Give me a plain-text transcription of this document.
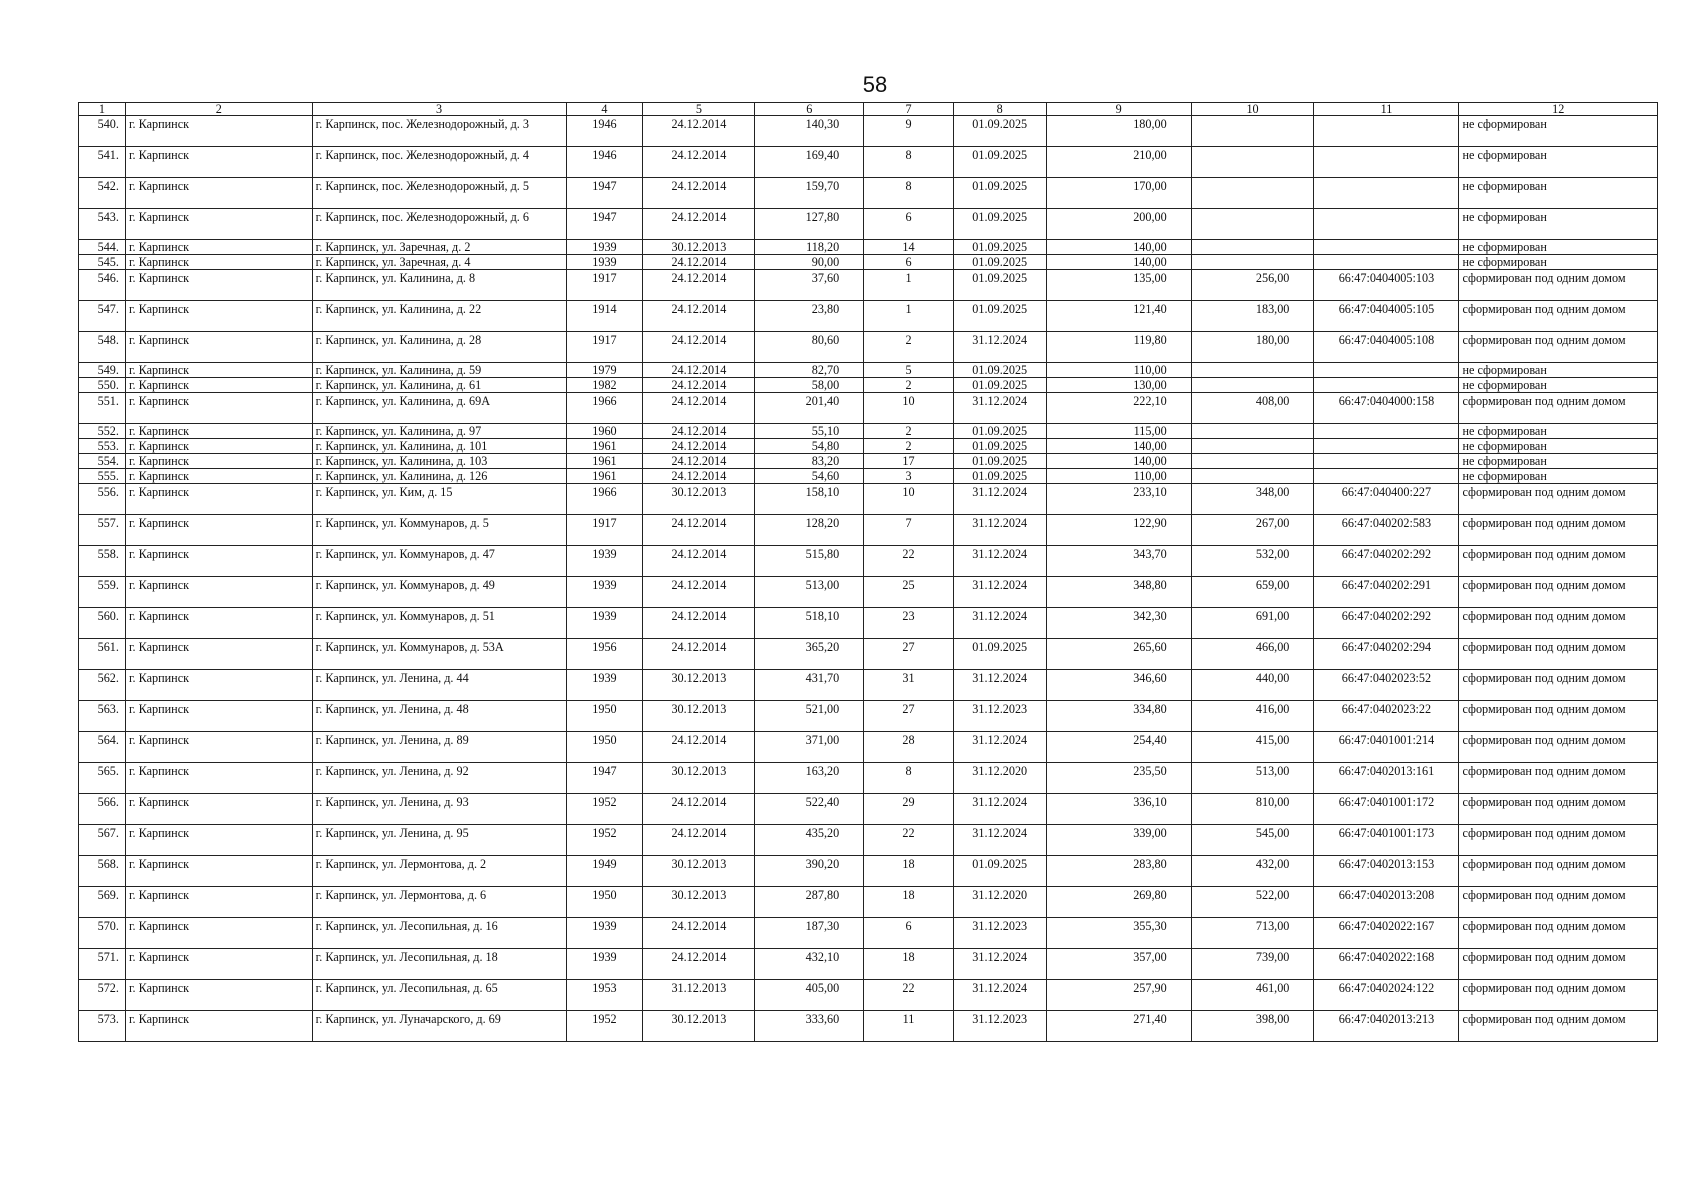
58
1	2	3	4	5	6	7	8	9	10	11	12
540.	г. Карпинск	г. Карпинск, пос. Железнодорожный, д. 3	1946	24.12.2014	140,30	9	01.09.2025	180,00			не сформирован
541.	г. Карпинск	г. Карпинск, пос. Железнодорожный, д. 4	1946	24.12.2014	169,40	8	01.09.2025	210,00			не сформирован
542.	г. Карпинск	г. Карпинск, пос. Железнодорожный, д. 5	1947	24.12.2014	159,70	8	01.09.2025	170,00			не сформирован
543.	г. Карпинск	г. Карпинск, пос. Железнодорожный, д. 6	1947	24.12.2014	127,80	6	01.09.2025	200,00			не сформирован
544.	г. Карпинск	г. Карпинск, ул. Заречная, д. 2	1939	30.12.2013	118,20	14	01.09.2025	140,00			не сформирован
545.	г. Карпинск	г. Карпинск, ул. Заречная, д. 4	1939	24.12.2014	90,00	6	01.09.2025	140,00			не сформирован
546.	г. Карпинск	г. Карпинск, ул. Калинина, д. 8	1917	24.12.2014	37,60	1	01.09.2025	135,00	256,00	66:47:0404005:103	сформирован под одним домом
547.	г. Карпинск	г. Карпинск, ул. Калинина, д. 22	1914	24.12.2014	23,80	1	01.09.2025	121,40	183,00	66:47:0404005:105	сформирован под одним домом
548.	г. Карпинск	г. Карпинск, ул. Калинина, д. 28	1917	24.12.2014	80,60	2	31.12.2024	119,80	180,00	66:47:0404005:108	сформирован под одним домом
549.	г. Карпинск	г. Карпинск, ул. Калинина, д. 59	1979	24.12.2014	82,70	5	01.09.2025	110,00			не сформирован
550.	г. Карпинск	г. Карпинск, ул. Калинина, д. 61	1982	24.12.2014	58,00	2	01.09.2025	130,00			не сформирован
551.	г. Карпинск	г. Карпинск, ул. Калинина, д. 69А	1966	24.12.2014	201,40	10	31.12.2024	222,10	408,00	66:47:0404000:158	сформирован под одним домом
552.	г. Карпинск	г. Карпинск, ул. Калинина, д. 97	1960	24.12.2014	55,10	2	01.09.2025	115,00			не сформирован
553.	г. Карпинск	г. Карпинск, ул. Калинина, д. 101	1961	24.12.2014	54,80	2	01.09.2025	140,00			не сформирован
554.	г. Карпинск	г. Карпинск, ул. Калинина, д. 103	1961	24.12.2014	83,20	17	01.09.2025	140,00			не сформирован
555.	г. Карпинск	г. Карпинск, ул. Калинина, д. 126	1961	24.12.2014	54,60	3	01.09.2025	110,00			не сформирован
556.	г. Карпинск	г. Карпинск, ул. Ким, д. 15	1966	30.12.2013	158,10	10	31.12.2024	233,10	348,00	66:47:040400:227	сформирован под одним домом
557.	г. Карпинск	г. Карпинск, ул. Коммунаров, д. 5	1917	24.12.2014	128,20	7	31.12.2024	122,90	267,00	66:47:040202:583	сформирован под одним домом
558.	г. Карпинск	г. Карпинск, ул. Коммунаров, д. 47	1939	24.12.2014	515,80	22	31.12.2024	343,70	532,00	66:47:040202:292	сформирован под одним домом
559.	г. Карпинск	г. Карпинск, ул. Коммунаров, д. 49	1939	24.12.2014	513,00	25	31.12.2024	348,80	659,00	66:47:040202:291	сформирован под одним домом
560.	г. Карпинск	г. Карпинск, ул. Коммунаров, д. 51	1939	24.12.2014	518,10	23	31.12.2024	342,30	691,00	66:47:040202:292	сформирован под одним домом
561.	г. Карпинск	г. Карпинск, ул. Коммунаров, д. 53А	1956	24.12.2014	365,20	27	01.09.2025	265,60	466,00	66:47:040202:294	сформирован под одним домом
562.	г. Карпинск	г. Карпинск, ул. Ленина, д. 44	1939	30.12.2013	431,70	31	31.12.2024	346,60	440,00	66:47:0402023:52	сформирован под одним домом
563.	г. Карпинск	г. Карпинск, ул. Ленина, д. 48	1950	30.12.2013	521,00	27	31.12.2023	334,80	416,00	66:47:0402023:22	сформирован под одним домом
564.	г. Карпинск	г. Карпинск, ул. Ленина, д. 89	1950	24.12.2014	371,00	28	31.12.2024	254,40	415,00	66:47:0401001:214	сформирован под одним домом
565.	г. Карпинск	г. Карпинск, ул. Ленина, д. 92	1947	30.12.2013	163,20	8	31.12.2020	235,50	513,00	66:47:0402013:161	сформирован под одним домом
566.	г. Карпинск	г. Карпинск, ул. Ленина, д. 93	1952	24.12.2014	522,40	29	31.12.2024	336,10	810,00	66:47:0401001:172	сформирован под одним домом
567.	г. Карпинск	г. Карпинск, ул. Ленина, д. 95	1952	24.12.2014	435,20	22	31.12.2024	339,00	545,00	66:47:0401001:173	сформирован под одним домом
568.	г. Карпинск	г. Карпинск, ул. Лермонтова, д. 2	1949	30.12.2013	390,20	18	01.09.2025	283,80	432,00	66:47:0402013:153	сформирован под одним домом
569.	г. Карпинск	г. Карпинск, ул. Лермонтова, д. 6	1950	30.12.2013	287,80	18	31.12.2020	269,80	522,00	66:47:0402013:208	сформирован под одним домом
570.	г. Карпинск	г. Карпинск, ул. Лесопильная, д. 16	1939	24.12.2014	187,30	6	31.12.2023	355,30	713,00	66:47:0402022:167	сформирован под одним домом
571.	г. Карпинск	г. Карпинск, ул. Лесопильная, д. 18	1939	24.12.2014	432,10	18	31.12.2024	357,00	739,00	66:47:0402022:168	сформирован под одним домом
572.	г. Карпинск	г. Карпинск, ул. Лесопильная, д. 65	1953	31.12.2013	405,00	22	31.12.2024	257,90	461,00	66:47:0402024:122	сформирован под одним домом
573.	г. Карпинск	г. Карпинск, ул. Луначарского, д. 69	1952	30.12.2013	333,60	11	31.12.2023	271,40	398,00	66:47:0402013:213	сформирован под одним домом
